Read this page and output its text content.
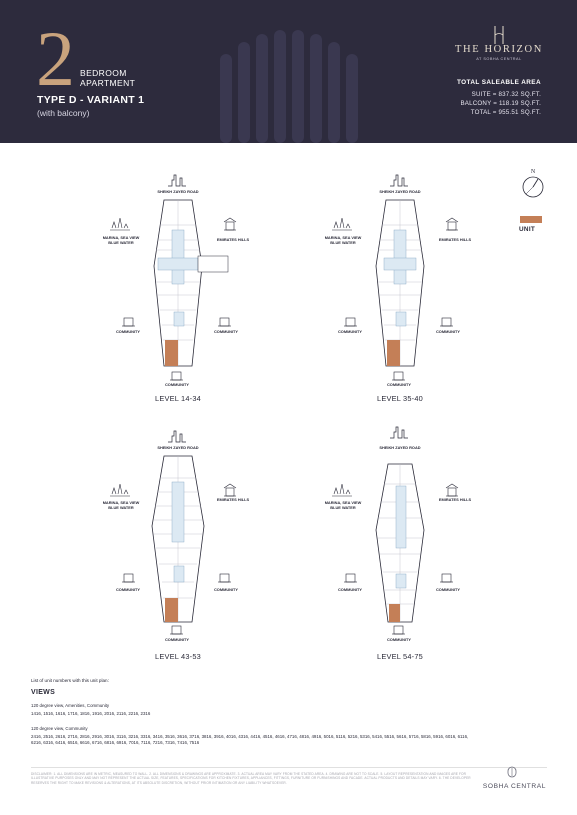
2 BEDROOM
APARTMENT
TYPE D - VARIANT 1
(with balcony)
THE HORIZON
AT SOBHA CENTRAL
TOTAL SALEABLE AREA
SUITE = 837.32 SQ.FT.
BALCONY = 118.19 SQ.FT.
TOTAL = 955.51 SQ.FT.
N
UNIT
SHEIKH ZAYED ROAD
MARINA, SEA VIEW
BLUE WATER
EMIRATES HILLS
COMMUNITY	COMMUNITY
COMMUNITY
LEVEL 14-34
SHEIKH ZAYED ROAD
MARINA, SEA VIEW
BLUE WATER
EMIRATES HILLS
COMMUNITY	COMMUNITY
COMMUNITY
LEVEL 35-40
SHEIKH ZAYED ROAD
MARINA, SEA VIEW
BLUE WATER
EMIRATES HILLS
COMMUNITY	COMMUNITY
COMMUNITY
LEVEL 43-53
SHEIKH ZAYED ROAD
MARINA, SEA VIEW
BLUE WATER
EMIRATES HILLS
COMMUNITY	COMMUNITY
COMMUNITY
LEVEL 54-75
List of unit numbers with this unit plan:
VIEWS
120 degree view, Amenities, Community
1416, 1516, 1616, 1716, 1816, 1916, 2016, 2116, 2216, 2316
120 degree view, Community
2416, 2516, 2616, 2716, 2816, 2916, 3016, 3116, 3216, 3316, 3416, 3516, 3616, 3716, 3816, 3916, 4016, 4316, 4416, 4516, 4616, 4716, 4816, 4916, 5016, 5116, 5216, 5316, 5416, 5516, 5616, 5716, 5816, 5916, 6016, 6116, 6216, 6316, 6416, 6516, 6616, 6716, 6816, 6916, 7016, 7116, 7216, 7316, 7416, 7516
DISCLAIMER: 1. ALL DIMENSIONS ARE IN METRIC, MEASURED TO WALL. 2. ALL DIMENSIONS & DRAWINGS ARE APPROXIMATE. 3. ACTUAL AREA MAY VARY FROM THE STATED AREA. 4. DRAWING ARE NOT TO SCALE. 5. LAYOUT REPRESENTATION AND IMAGES ARE FOR ILLUSTRATIVE PURPOSES ONLY AND MAY NOT REPRESENT THE ACTUAL SIZE, FEATURES, SPECIFICATIONS FOR KITCHEN FIXTURES, APPLIANCES, FITTINGS, FURNITURE OR FURNISHINGS AND FACADE. ACTUAL PRODUCTS AND DETAILS MAY VARY. 6. THE DEVELOPER RESERVES THE RIGHT TO MAKE REVISIONS & ALTERATIONS, AT ITS ABSOLUTE DISCRETION, WITHOUT PRIOR INTIMATION OR ANY LIABILITY WHATSOEVER.
SOBHA CENTRAL
